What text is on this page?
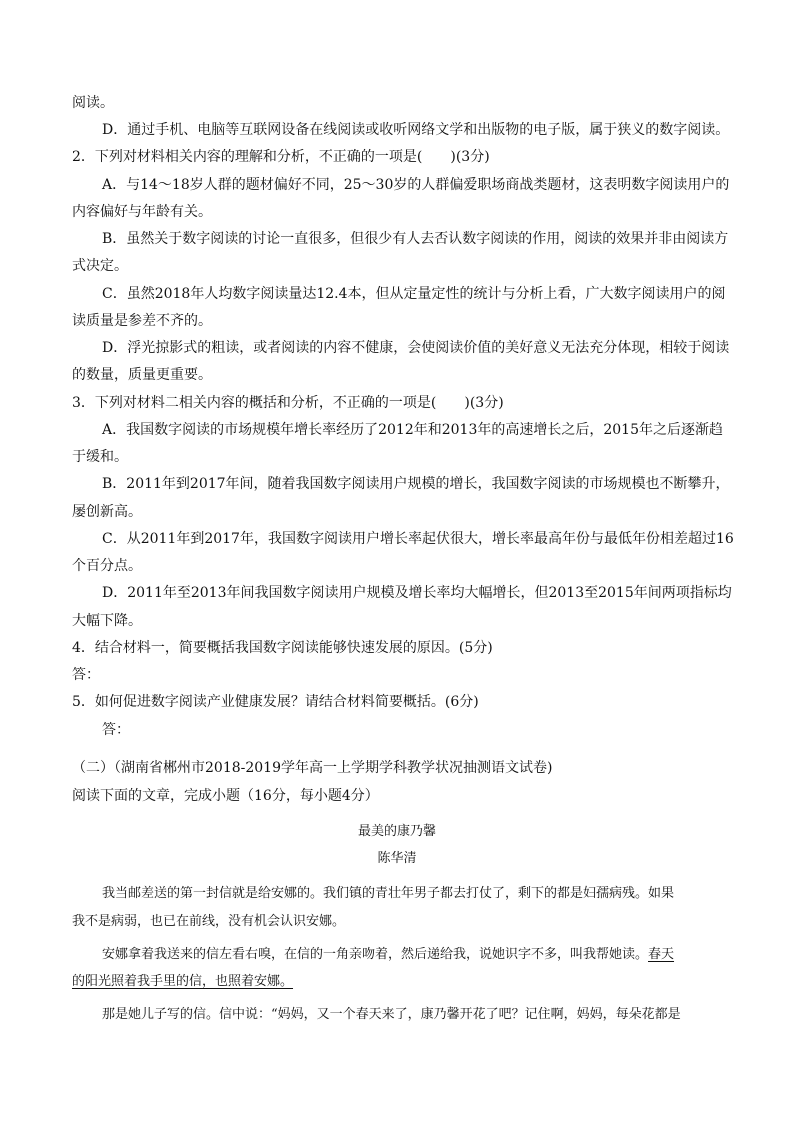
阅读。
D．通过手机、电脑等互联网设备在线阅读或收听网络文学和出版物的电子版，属于狭义的数字阅读。
2．下列对材料相关内容的理解和分析，不正确的一项是(　　)(3分)
A．与14～18岁人群的题材偏好不同，25～30岁的人群偏爱职场商战类题材，这表明数字阅读用户的
内容偏好与年龄有关。
B．虽然关于数字阅读的讨论一直很多，但很少有人去否认数字阅读的作用，阅读的效果并非由阅读方
式决定。
C．虽然2018年人均数字阅读量达12.4本，但从定量定性的统计与分析上看，广大数字阅读用户的阅
读质量是参差不齐的。
D．浮光掠影式的粗读，或者阅读的内容不健康，会使阅读价值的美好意义无法充分体现，相较于阅读
的数量，质量更重要。
3．下列对材料二相关内容的概括和分析，不正确的一项是(　　)(3分)
A．我国数字阅读的市场规模年增长率经历了2012年和2013年的高速增长之后，2015年之后逐渐趋
于缓和。
B．2011年到2017年间，随着我国数字阅读用户规模的增长，我国数字阅读的市场规模也不断攀升，
屡创新高。
C．从2011年到2017年，我国数字阅读用户增长率起伏很大，增长率最高年份与最低年份相差超过16
个百分点。
D．2011年至2013年间我国数字阅读用户规模及增长率均大幅增长，但2013至2015年间两项指标均
大幅下降。
4．结合材料一，简要概括我国数字阅读能够快速发展的原因。(5分)
答：
5．如何促进数字阅读产业健康发展？请结合材料简要概括。(6分)
答：
（二）（湖南省郴州市2018-2019学年高一上学期学科教学状况抽测语文试卷)
阅读下面的文章，完成小题（16分，每小题4分）
最美的康乃馨
陈华清
我当邮差送的第一封信就是给安娜的。我们镇的青壮年男子都去打仗了，剩下的都是妇孺病残。如果
我不是病弱，也已在前线，没有机会认识安娜。
安娜拿着我送来的信左看右嗅，在信的一角亲吻着，然后递给我，说她识字不多，叫我帮她读。春天
的阳光照着我手里的信，也照着安娜。
那是她儿子写的信。信中说：“妈妈，又一个春天来了，康乃馨开花了吧？记住啊，妈妈，每朵花都是
